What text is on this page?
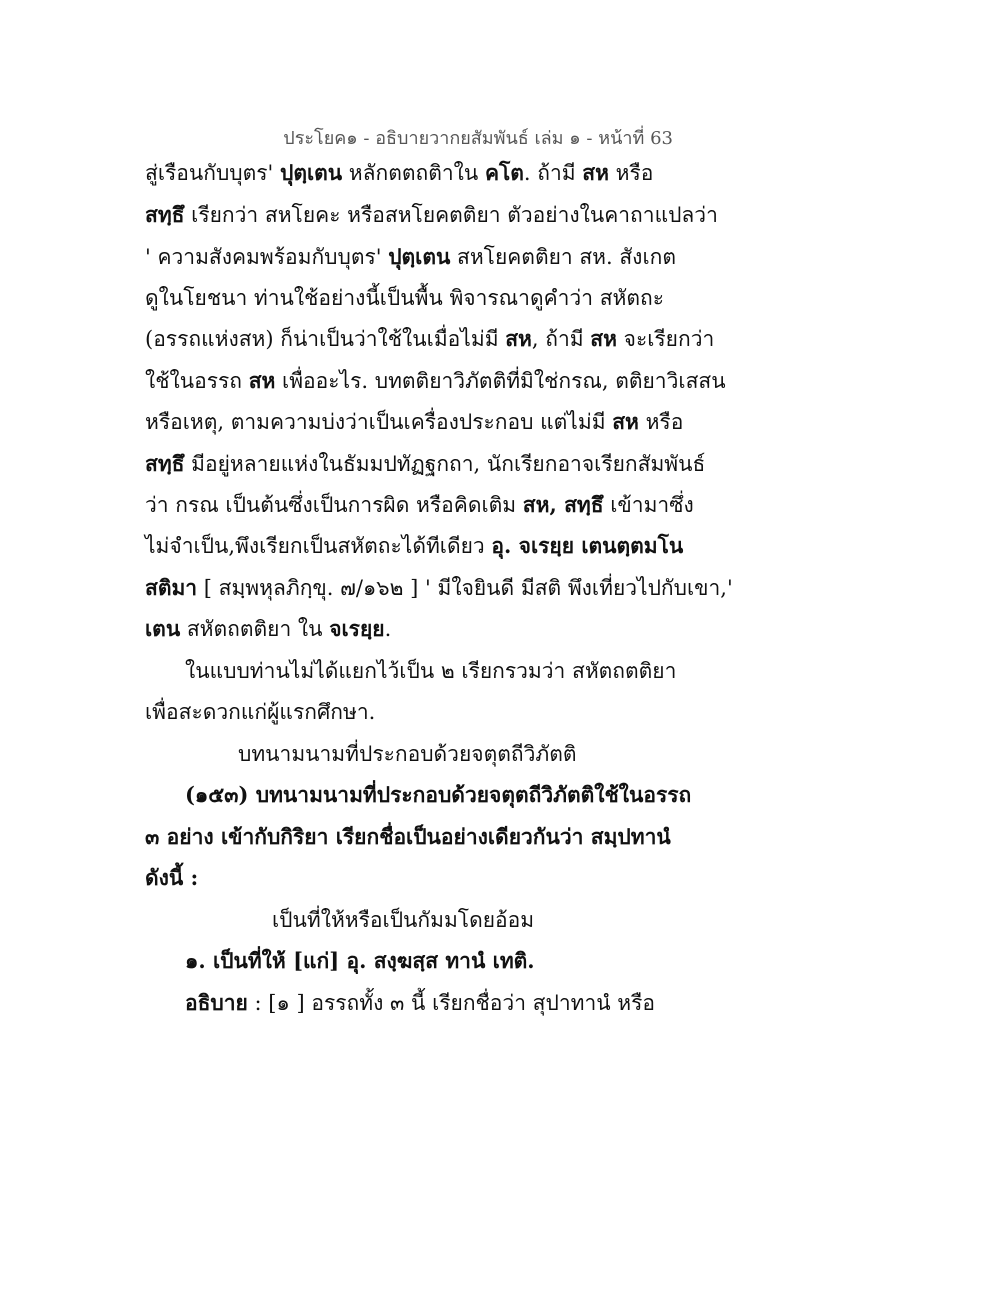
ประโยค๑ - อธิบายวากยสัมพันธ์ เล่ม ๑ - หน้าที่ 63
สู่เรือนกับบุตร' ปุตฺเตน หลักตตถติาใน คโต. ถ้ามี สห หรือ
สทฺธึ เรียกว่า สหโยคะ หรือสหโยคตติยา ตัวอย่างในคาถาแปลว่า
' ความสังคมพร้อมกับบุตร' ปุตฺเตน สหโยคตติยา สห. สังเกต
ดูในโยชนา ท่านใช้อย่างนี้เป็นพื้น พิจารณาดูคำว่า สหัตถะ
(อรรถแห่งสห) ก็น่าเป็นว่าใช้ในเมื่อไม่มี สห, ถ้ามี สห จะเรียกว่า
ใช้ในอรรถ สห เพื่ออะไร. บทตติยาวิภัตติที่มิใช่กรณ, ตติยาวิเสสน
หรือเหตุ, ตามความบ่งว่าเป็นเครื่องประกอบ แต่ไม่มี สห หรือ
สทฺธึ มีอยู่หลายแห่งในธัมมปทัฏฐกถา, นักเรียกอาจเรียกสัมพันธ์
ว่า กรณ เป็นต้นซึ่งเป็นการผิด หรือคิดเติม สห, สทฺธึ เข้ามาซึ่ง
ไม่จำเป็น,พึงเรียกเป็นสหัตถะได้ทีเดียว อุ. จเรยฺย เตนตฺตมโน
สติมา [ สมฺพหุลภิกฺขุ. ๗/๑๖๒ ] ' มีใจยินดี มีสติ พึงเที่ยวไปกับเขา,'
เตน สหัตถตติยา ใน จเรยฺย.
ในแบบท่านไม่ได้แยกไว้เป็น ๒ เรียกรวมว่า สหัตถตติยา
เพื่อสะดวกแก่ผู้แรกศึกษา.
บทนามนามที่ประกอบด้วยจตุตถีวิภัตติ
(๑๕๓) บทนามนามที่ประกอบด้วยจตุตถีวิภัตติใช้ในอรรถ
๓ อย่าง เข้ากับกิริยา เรียกชื่อเป็นอย่างเดียวกันว่า สมฺปทานํ
ดังนี้ :
เป็นที่ให้หรือเป็นกัมมโดยอ้อม
๑. เป็นที่ให้ [แก่] อุ. สงฺฆสฺส ทานํ เทติ.
อธิบาย : [๑ ] อรรถทั้ง ๓ นี้ เรียกชื่อว่า สุปาทานํ หรือ
